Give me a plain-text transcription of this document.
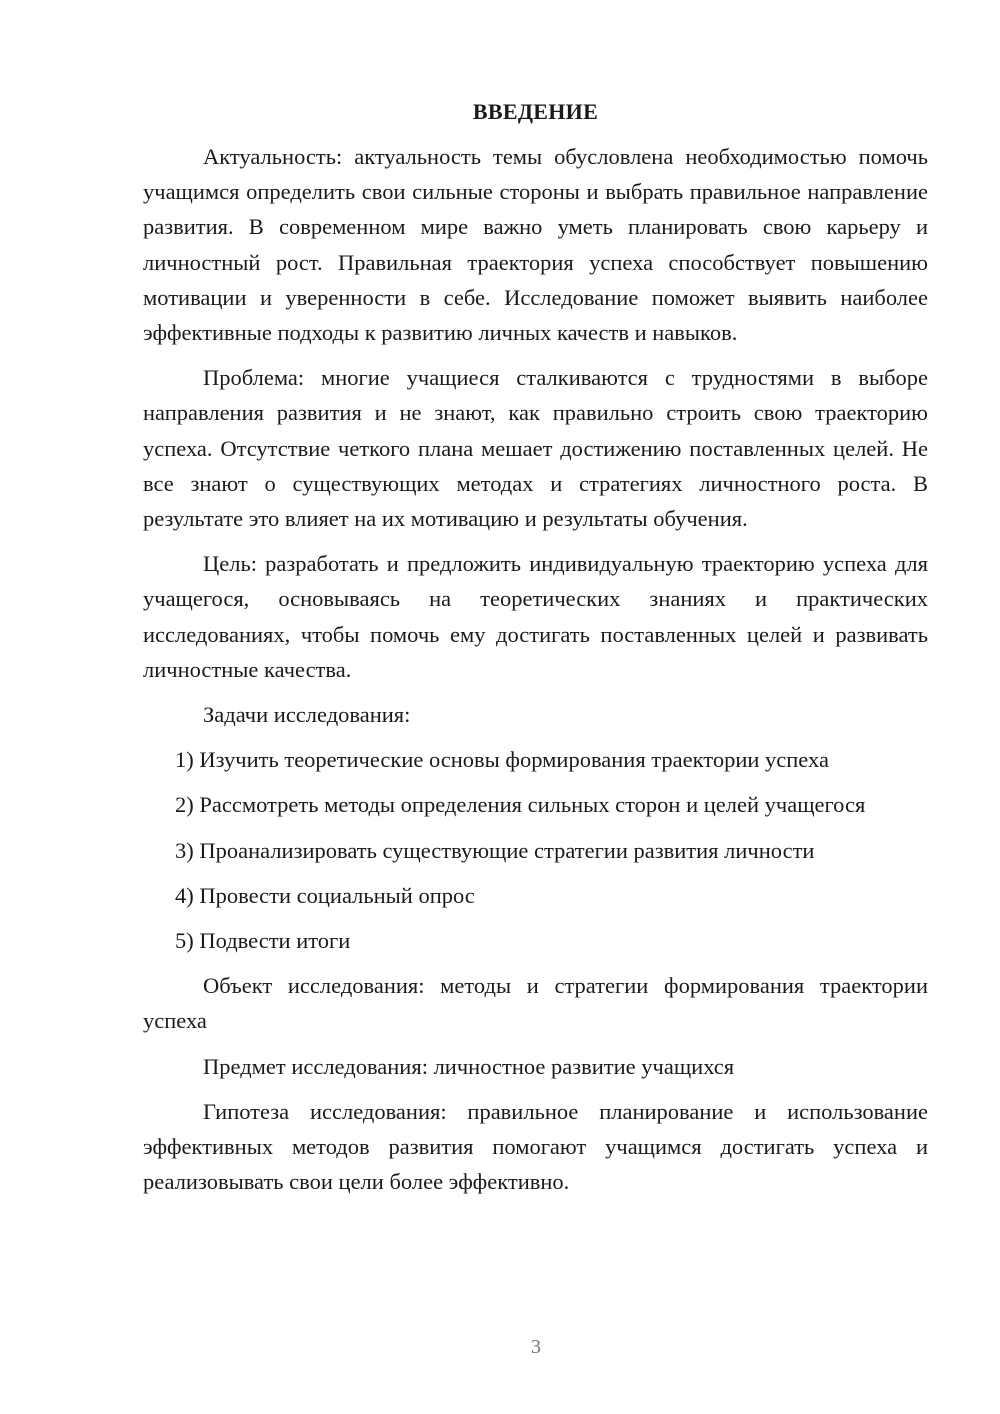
ВВЕДЕНИЕ

Актуальность: актуальность темы обусловлена необходимостью помочь учащимся определить свои сильные стороны и выбрать правильное направление развития. В современном мире важно уметь планировать свою карьеру и личностный рост. Правильная траектория успеха способствует повышению мотивации и уверенности в себе. Исследование поможет выявить наиболее эффективные подходы к развитию личных качеств и навыков.

Проблема: многие учащиеся сталкиваются с трудностями в выборе направления развития и не знают, как правильно строить свою траекторию успеха. Отсутствие четкого плана мешает достижению поставленных целей. Не все знают о существующих методах и стратегиях личностного роста. В результате это влияет на их мотивацию и результаты обучения.

Цель: разработать и предложить индивидуальную траекторию успеха для учащегося, основываясь на теоретических знаниях и практических исследованиях, чтобы помочь ему достигать поставленных целей и развивать личностные качества.

Задачи исследования:

1) Изучить теоретические основы формирования траектории успеха

2) Рассмотреть методы определения сильных сторон и целей учащегося

3) Проанализировать существующие стратегии развития личности

4) Провести социальный опрос

5) Подвести итоги

Объект исследования: методы и стратегии формирования траектории успеха

Предмет исследования: личностное развитие учащихся

Гипотеза исследования: правильное планирование и использование эффективных методов развития помогают учащимся достигать успеха и реализовывать свои цели более эффективно.

3
